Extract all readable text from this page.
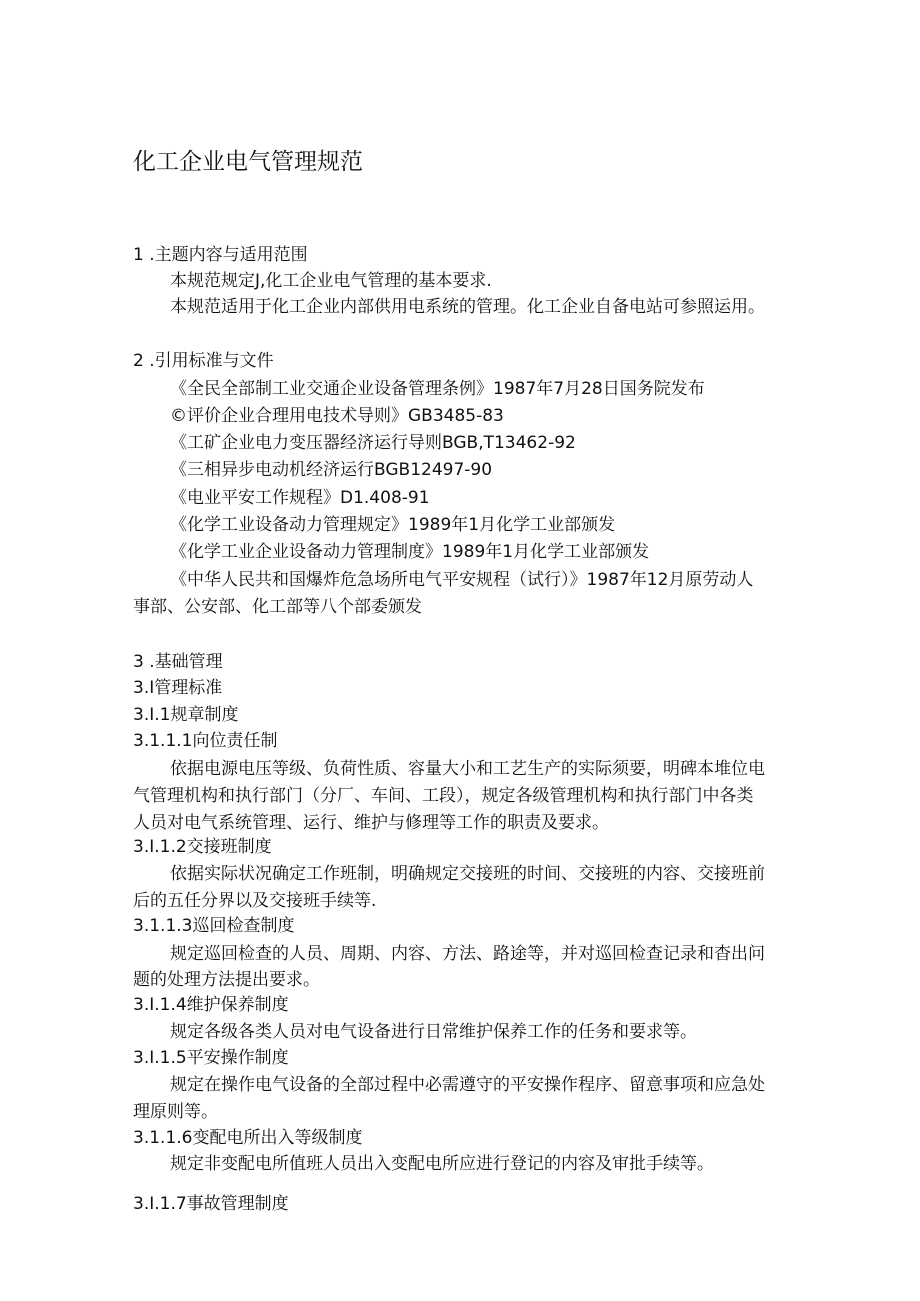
化工企业电气管理规范
1 .主题内容与适用范围
本规范规定J,化工企业电气管理的基本要求.
本规范适用于化工企业内部供用电系统的管理。化工企业自备电站可参照运用。
2 .引用标准与文件
《全民全部制工业交通企业设备管理条例》1987年7月28日国务院发布
©评价企业合理用电技术导则》GB3485-83
《工矿企业电力变压器经济运行导则BGB,T13462-92
《三相异步电动机经济运行BGB12497-90
《电业平安工作规程》D1.408-91
《化学工业设备动力管理规定》1989年1月化学工业部颁发
《化学工业企业设备动力管理制度》1989年1月化学工业部颁发
《中华人民共和国爆炸危急场所电气平安规程（试行）》1987年12月原劳动人
事部、公安部、化工部等八个部委颁发
3 .基础管理
3.I管理标准
3.I.1规章制度
3.1.1.1向位责任制
依据电源电压等级、负荷性质、容量大小和工艺生产的实际须要，明碑本堆位电
气管理机构和执行部门（分厂、车间、工段），规定各级管理机构和执行部门中各类
人员对电气系统管理、运行、维护与修理等工作的职责及要求。
3.I.1.2交接班制度
依据实际状况确定工作班制，明确规定交接班的时间、交接班的内容、交接班前
后的五任分界以及交接班手续等.
3.1.1.3巡回检查制度
规定巡回检查的人员、周期、内容、方法、路途等，并对巡回检查记录和杳出问
题的处理方法提出要求。
3.I.1.4维护保养制度
规定各级各类人员对电气设备进行日常维护保养工作的任务和要求等。
3.I.1.5平安操作制度
规定在操作电气设备的全部过程中必需遵守的平安操作程序、留意事项和应急处
理原则等。
3.1.1.6变配电所出入等级制度
规定非变配电所值班人员出入变配电所应进行登记的内容及审批手续等。
3.I.1.7事故管理制度
